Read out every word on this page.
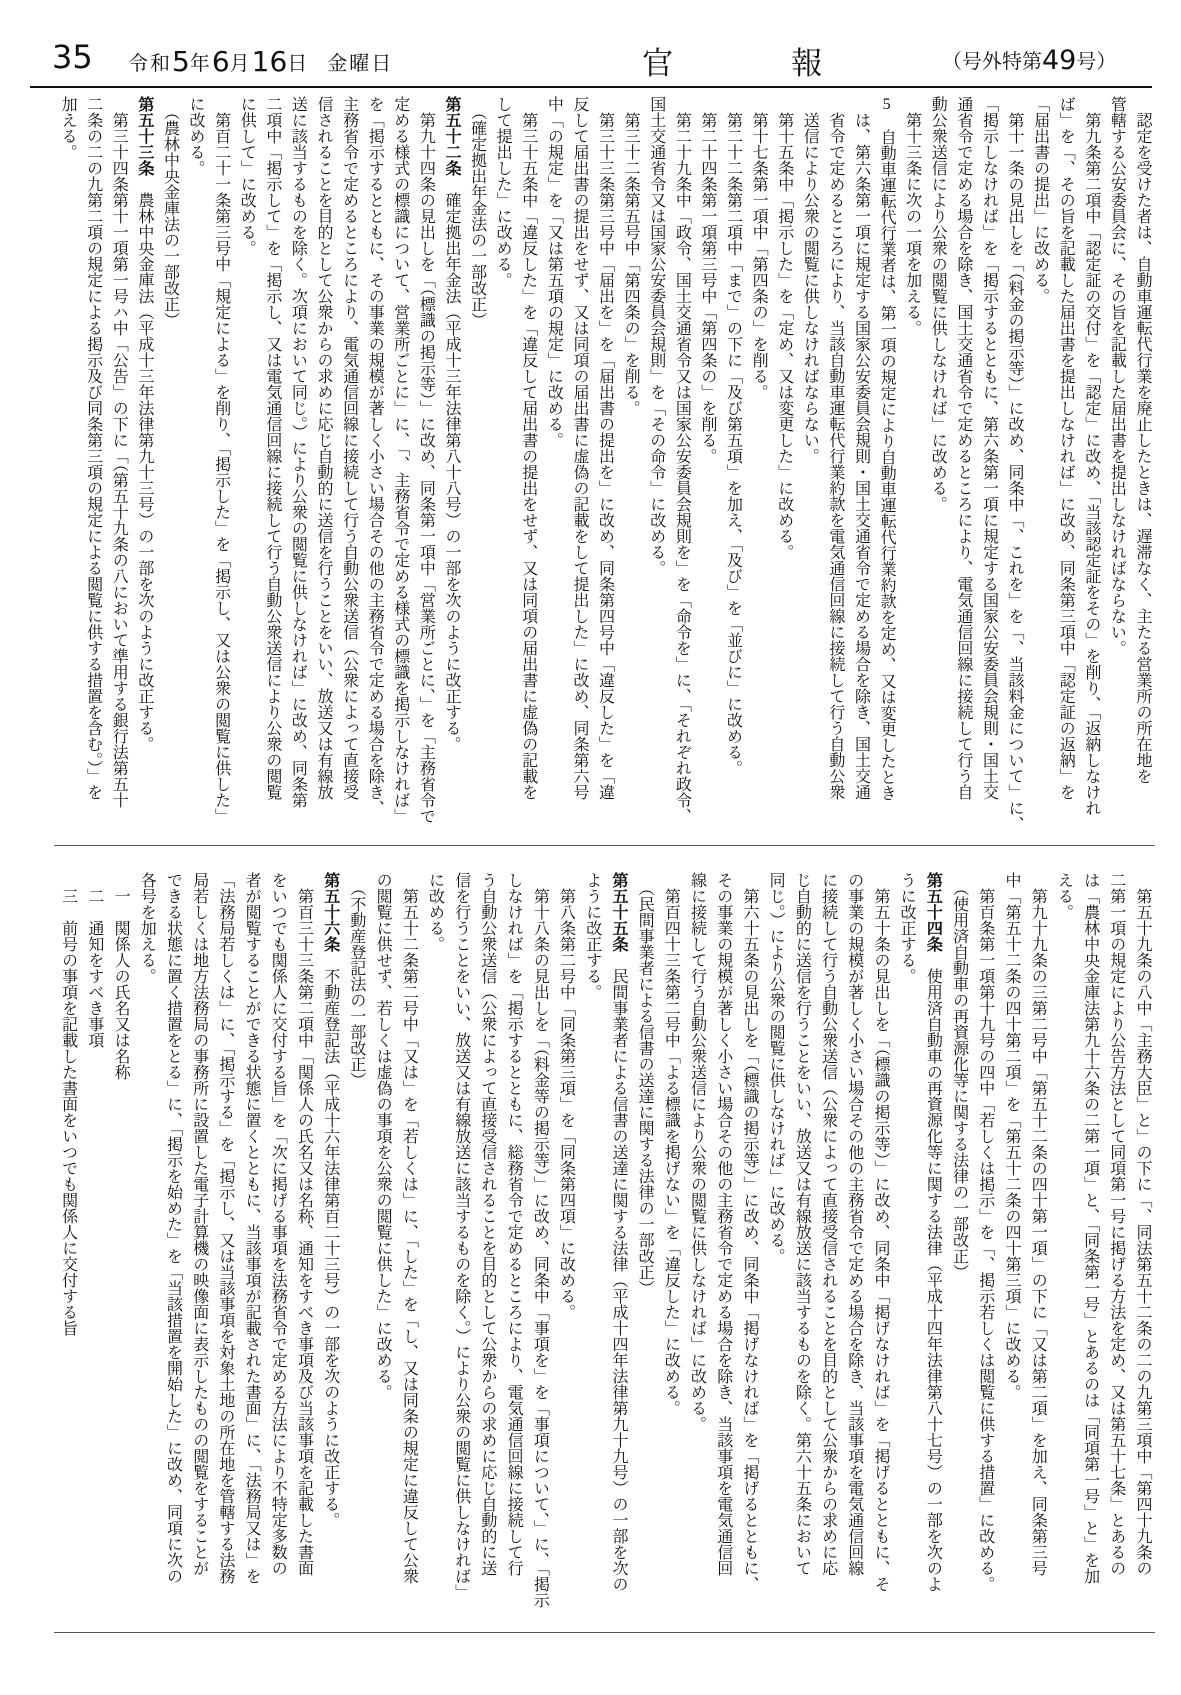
35 令和5年6月16日 金曜日	官	報	（号外特第49号）
　認定を受けた者は、自動車運転代行業を廃止したときは、遅滞なく、主たる営業所の所在地を
管轄する公安委員会に、その旨を記載した届出書を提出しなければならない。
　第九条第二項中「認定証の交付」を「認定」に改め、「当該認定証をその」を削り、「返納しなけれ
ば」を「、その旨を記載した届出書を提出しなければ」に改め、同条第三項中「認定証の返納」を
「届出書の提出」に改める。
　第十一条の見出しを「（料金の掲示等）」に改め、同条中「、これを」を「、当該料金について」に、
「掲示しなければ」を「掲示するとともに、第六条第一項に規定する国家公安委員会規則・国土交
通省令で定める場合を除き、国土交通省令で定めるところにより、電気通信回線に接続して行う自
動公衆送信により公衆の閲覧に供しなければ」に改める。
　第十三条に次の一項を加える。
5　自動車運転代行業者は、第一項の規定により自動車運転代行業約款を定め、又は変更したとき
　は、第六条第一項に規定する国家公安委員会規則・国土交通省令で定める場合を除き、国土交通
　省令で定めるところにより、当該自動車運転代行業約款を電気通信回線に接続して行う自動公衆
　送信により公衆の閲覧に供しなければならない。
　第十五条中「掲示した」を「定め、又は変更した」に改める。
　第十七条第一項中「第四条の」を削る。
　第二十二条第二項中「まで」の下に「及び第五項」を加え、「及び」を「並びに」に改める。
　第二十四条第一項第三号中「第四条の」を削る。
　第二十九条中「政令、国土交通省令又は国家公安委員会規則を」を「命令を」に、「それぞれ政令、
国土交通省令又は国家公安委員会規則」を「その命令」に改める。
　第三十二条第五号中「第四条の」を削る。
　第三十三条第三号中「届出を」を「届出書の提出を」に改め、同条第四号中「違反した」を「違
反して届出書の提出をせず、又は同項の届出書に虚偽の記載をして提出した」に改め、同条第六号
中「の規定」を「又は第五項の規定」に改める。
　第三十五条中「違反した」を「違反して届出書の提出をせず、又は同項の届出書に虚偽の記載を
して提出した」に改める。
　（確定拠出年金法の一部改正）
第五十二条　確定拠出年金法（平成十三年法律第八十八号）の一部を次のように改正する。
　第九十四条の見出しを「（標識の掲示等）」に改め、同条第一項中「営業所ごとに、」を「主務省令で
定める様式の標識について、営業所ごとに」に、「、主務省令で定める様式の標識を掲示しなければ」
を「掲示するとともに、その事業の規模が著しく小さい場合その他の主務省令で定める場合を除き、
主務省令で定めるところにより、電気通信回線に接続して行う自動公衆送信（公衆によって直接受
信されることを目的として公衆からの求めに応じ自動的に送信を行うことをいい、放送又は有線放
送に該当するものを除く。次項において同じ。）により公衆の閲覧に供しなければ」に改め、同条第
二項中「掲示して」を「掲示し、又は電気通信回線に接続して行う自動公衆送信により公衆の閲覧
に供して」に改める。
　第百二十一条第三号中「規定による」を削り、「掲示した」を「掲示し、又は公衆の閲覧に供した」
に改める。
　（農林中央金庫法の一部改正）
第五十三条　農林中央金庫法（平成十三年法律第九十三号）の一部を次のように改正する。
　第三十四条第十一項第一号ハ中「公告」の下に「（第五十九条の八において準用する銀行法第五十
二条の二の九第二項の規定による掲示及び同条第三項の規定による閲覧に供する措置を含む。）」を
加える。
　第五十九条の八中「主務大臣」と」の下に「、同法第五十二条の二の九第三項中「第四十九条の
二第一項の規定により公告方法として同項第一号に掲げる方法を定め、又は第五十七条」とあるの
は「農林中央金庫法第九十六条の二第一項」と、「同条第一号」とあるのは「同項第一号」と」を加
える。
　第九十九条の三第二号中「第五十二条の四十第一項」の下に「又は第二項」を加え、同条第三号
中「第五十二条の四十第二項」を「第五十二条の四十第三項」に改める。
　第百条第一項第十九号の四中「若しくは掲示」を「、掲示若しくは閲覧に供する措置」に改める。
　（使用済自動車の再資源化等に関する法律の一部改正）
第五十四条　使用済自動車の再資源化等に関する法律（平成十四年法律第八十七号）の一部を次のよ
うに改正する。
　第五十条の見出しを「（標識の掲示等）」に改め、同条中「掲げなければ」を「掲げるとともに、そ
の事業の規模が著しく小さい場合その他の主務省令で定める場合を除き、当該事項を電気通信回線
に接続して行う自動公衆送信（公衆によって直接受信されることを目的として公衆からの求めに応
じ自動的に送信を行うことをいい、放送又は有線放送に該当するものを除く。第六十五条において
同じ。）により公衆の閲覧に供しなければ」に改める。
　第六十五条の見出しを「（標識の掲示等）」に改め、同条中「掲げなければ」を「掲げるとともに、
その事業の規模が著しく小さい場合その他の主務省令で定める場合を除き、当該事項を電気通信回
線に接続して行う自動公衆送信により公衆の閲覧に供しなければ」に改める。
　第百四十三条第二号中「よる標識を掲げない」を「違反した」に改める。
　（民間事業者による信書の送達に関する法律の一部改正）
第五十五条　民間事業者による信書の送達に関する法律（平成十四年法律第九十九号）の一部を次の
ように改正する。
　第八条第二号中「同条第三項」を「同条第四項」に改める。
　第十八条の見出しを「（料金等の掲示等）」に改め、同条中「事項を」を「事項について、」に、「掲示
しなければ」を「掲示するとともに、総務省令で定めるところにより、電気通信回線に接続して行
う自動公衆送信（公衆によって直接受信されることを目的として公衆からの求めに応じ自動的に送
信を行うことをいい、放送又は有線放送に該当するものを除く。）により公衆の閲覧に供しなければ」
に改める。
　第五十二条第二号中「又は」を「若しくは」に、「した」を「し、又は同条の規定に違反して公衆
の閲覧に供せず、若しくは虚偽の事項を公衆の閲覧に供した」に改める。
　（不動産登記法の一部改正）
第五十六条　不動産登記法（平成十六年法律第百二十三号）の一部を次のように改正する。
　第百三十三条第二項中「関係人の氏名又は名称、通知をすべき事項及び当該事項を記載した書面
をいつでも関係人に交付する旨」を「次に掲げる事項を法務省令で定める方法により不特定多数の
者が閲覧することができる状態に置くとともに、当該事項が記載された書面」に、「法務局又は」を
「法務局若しくは」に、「掲示する」を「掲示し、又は当該事項を対象土地の所在地を管轄する法務
局若しくは地方法務局の事務所に設置した電子計算機の映像面に表示したものの閲覧をすることが
できる状態に置く措置をとる」に、「掲示を始めた」を「当該措置を開始した」に改め、同項に次の
各号を加える。
　一　関係人の氏名又は名称
　二　通知をすべき事項
　三　前号の事項を記載した書面をいつでも関係人に交付する旨
